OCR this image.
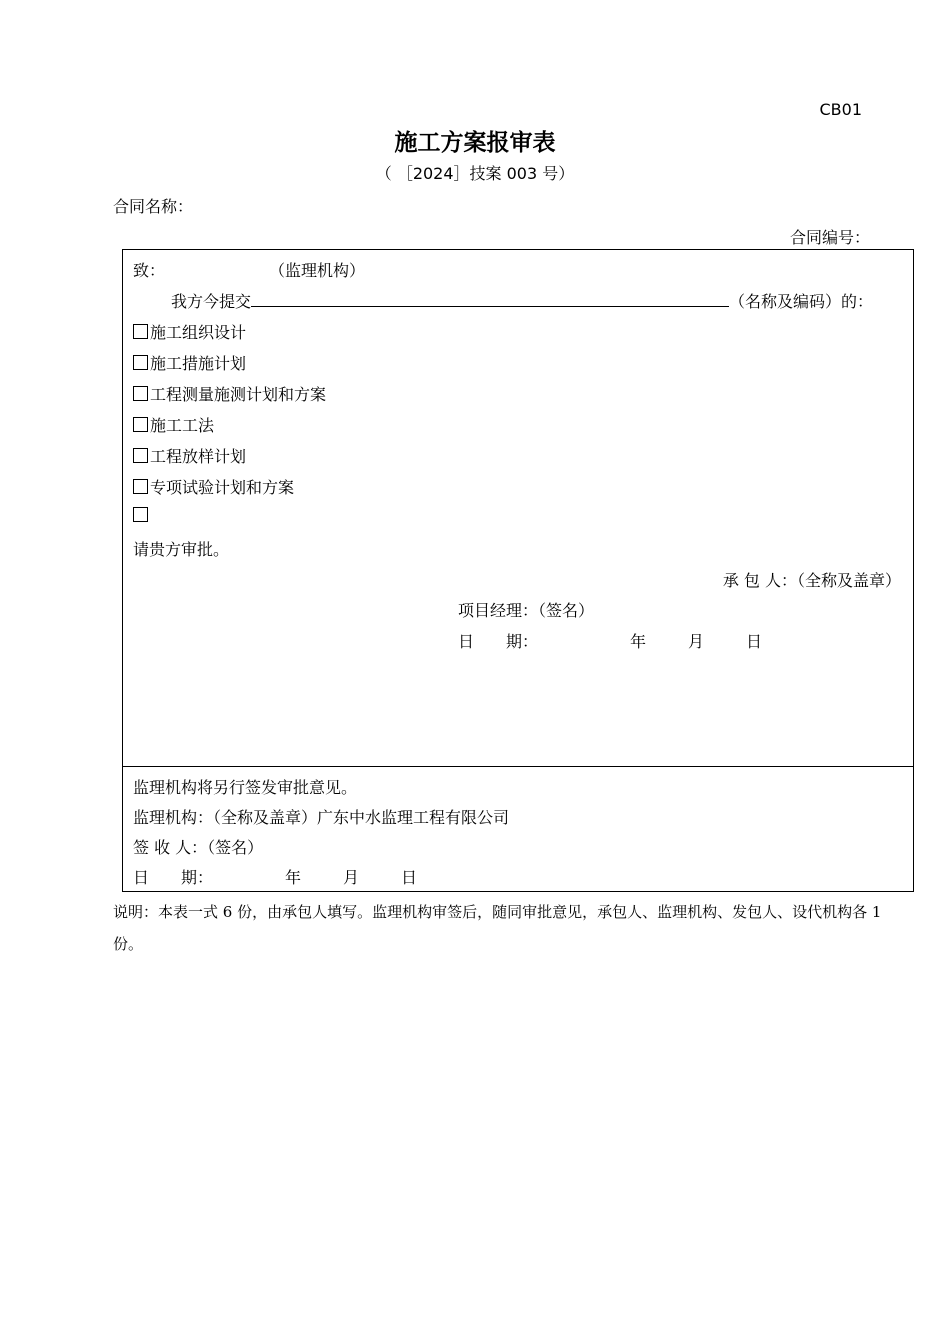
CB01
施工方案报审表
（ ［2024］技案 003 号）
合同名称：
合同编号：
致：	（监理机构）
我方今提交	（名称及编码）的：
施工组织设计
施工措施计划
工程测量施测计划和方案
施工工法
工程放样计划
专项试验计划和方案
请贵方审批。
承 包 人：（全称及盖章）
项目经理：（签名）
日　　期：	年	月	日
监理机构将另行签发审批意见。
监理机构：（全称及盖章）广东中水监理工程有限公司
签 收 人：（签名）
日　　期：	年	月	日
说明：本表一式 6 份，由承包人填写。监理机构审签后，随同审批意见，承包人、监理机构、发包人、设代机构各 1 份。
